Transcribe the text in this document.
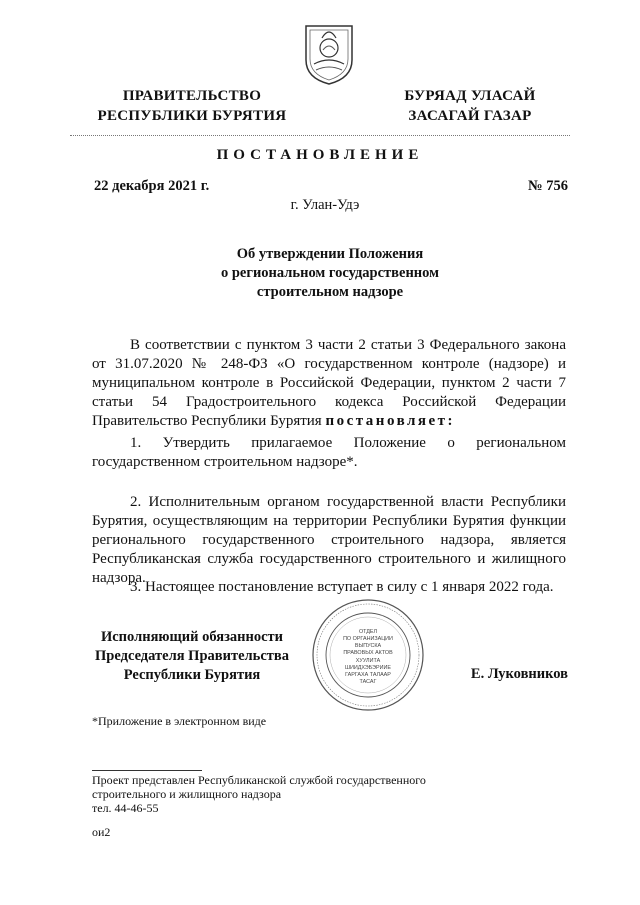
ПРАВИТЕЛЬСТВО
РЕСПУБЛИКИ БУРЯТИЯ
БУРЯАД УЛАСАЙ
ЗАСАГАЙ ГАЗАР
ПОСТАНОВЛЕНИЕ
22 декабря 2021 г.	№ 756
г. Улан-Удэ
Об утверждении Положения
о региональном государственном
строительном надзоре
В соответствии с пунктом 3 части 2 статьи 3 Федерального закона от 31.07.2020 № 248-ФЗ «О государственном контроле (надзоре) и муниципальном контроле в Российской Федерации, пунктом 2 части 7 статьи 54 Градостроительного кодекса Российской Федерации Правительство Республики Бурятия постановляет:
1. Утвердить прилагаемое Положение о региональном государственном строительном надзоре*.
2. Исполнительным органом государственной власти Республики Бурятия, осуществляющим на территории Республики Бурятия функции регионального государственного строительного надзора, является Республиканская служба государственного строительного и жилищного надзора.
3. Настоящее постановление вступает в силу с 1 января 2022 года.
Исполняющий обязанности
Председателя Правительства
Республики Бурятия
ОТДЕЛ
ПО ОРГАНИЗАЦИИ
ВЫПУСКА
ПРАВОВЫХ АКТОВ
ХУУЛИТА
ШИИДХЭБЭРИИЕ
ГАРГАХА ТАЛААР
ТАСАГ	Е. Луковников
*Приложение в электронном виде
Проект представлен Республиканской службой государственного
строительного и жилищного надзора
тел. 44-46-55
ои2
